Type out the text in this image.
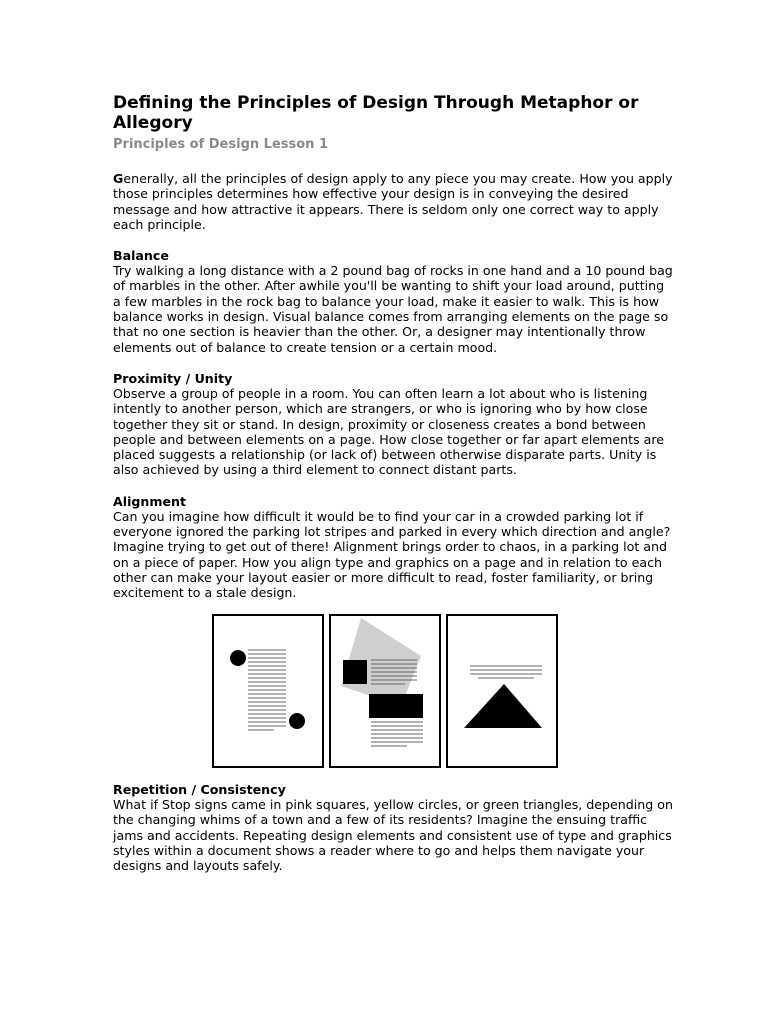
Defining the Principles of Design Through Metaphor or Allegory
Principles of Design Lesson 1

Generally, all the principles of design apply to any piece you may create. How you apply those principles determines how effective your design is in conveying the desired message and how attractive it appears. There is seldom only one correct way to apply each principle.

Balance

Try walking a long distance with a 2 pound bag of rocks in one hand and a 10 pound bag of marbles in the other. After awhile you'll be wanting to shift your load around, putting a few marbles in the rock bag to balance your load, make it easier to walk. This is how balance works in design. Visual balance comes from arranging elements on the page so that no one section is heavier than the other. Or, a designer may intentionally throw elements out of balance to create tension or a certain mood.

Proximity / Unity

Observe a group of people in a room. You can often learn a lot about who is listening intently to another person, which are strangers, or who is ignoring who by how close together they sit or stand. In design, proximity or closeness creates a bond between people and between elements on a page. How close together or far apart elements are placed suggests a relationship (or lack of) between otherwise disparate parts. Unity is also achieved by using a third element to connect distant parts.

Alignment

Can you imagine how difficult it would be to find your car in a crowded parking lot if everyone ignored the parking lot stripes and parked in every which direction and angle? Imagine trying to get out of there! Alignment brings order to chaos, in a parking lot and on a piece of paper. How you align type and graphics on a page and in relation to each other can make your layout easier or more difficult to read, foster familiarity, or bring excitement to a stale design.

Repetition / Consistency

What if Stop signs came in pink squares, yellow circles, or green triangles, depending on the changing whims of a town and a few of its residents? Imagine the ensuing traffic jams and accidents. Repeating design elements and consistent use of type and graphics styles within a document shows a reader where to go and helps them navigate your designs and layouts safely.
